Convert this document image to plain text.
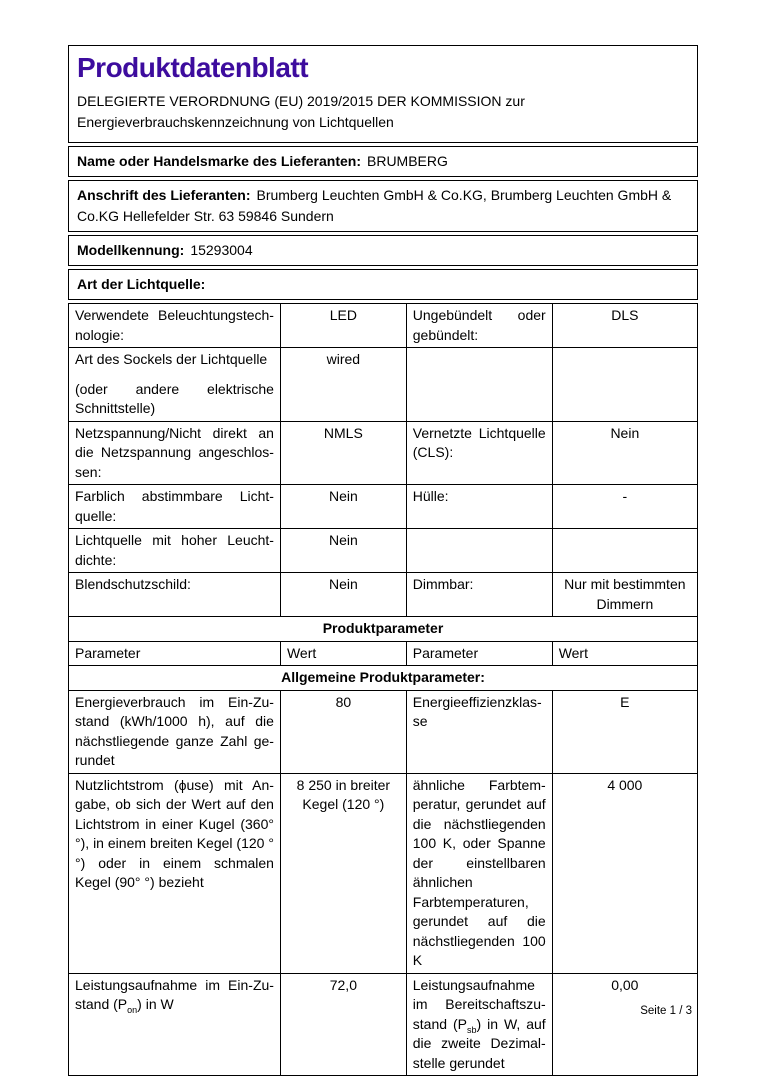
Produktdatenblatt
DELEGIERTE VERORDNUNG (EU) 2019/2015 DER KOMMISSION zur
Energieverbrauchskennzeichnung von Lichtquellen
Name oder Handelsmarke des Lieferanten: BRUMBERG
Anschrift des Lieferanten: Brumberg Leuchten GmbH & Co.KG, Brumberg Leuchten GmbH & Co.KG Hellefelder Str. 63 59846 Sundern
Modellkennung: 15293004
Art der Lichtquelle:
Verwendete Beleuchtungstechnologie:	LED	Ungebündelt oder gebündelt:	DLS

Art des Sockels der Lichtquelle

(oder andere elektrische Schnittstelle)	wired		
Netzspannung/Nicht direkt an die Netzspannung angeschlossen:	NMLS	Vernetzte Lichtquelle (CLS):	Nein
Farblich abstimmbare Lichtquelle:	Nein	Hülle:	-
Lichtquelle mit hoher Leuchtdichte:	Nein		
Blendschutzschild:	Nein	Dimmbar:	Nur mit bestimmten Dimmern
Produktparameter			
Parameter	Wert	Parameter	Wert
Allgemeine Produktparameter:			
Energieverbrauch im Ein-Zustand (kWh/1000 h), auf die nächstliegende ganze Zahl gerundet	80	Energieeffizienzklasse	E
Nutzlichtstrom (ϕuse) mit Angabe, ob sich der Wert auf den Lichtstrom in einer Kugel (360° °), in einem breiten Kegel (120 °°) oder in einem schmalen Kegel (90° °) bezieht	8 250 in breiter Kegel (120 °)	ähnliche Farbtemperatur, gerundet auf die nächstliegenden 100 K, oder Spanne der einstellbaren ähnlichen Farbtemperaturen, gerundet auf die nächstliegenden 100 K	4 000
Leistungsaufnahme im Ein-Zustand $(P_{on})$ in W	72,0	Leistungsaufnahme im Bereitschaftszustand $(P_{sb})$ in W, auf die zweite Dezimalstelle gerundet	0,00
Seite 1 / 3
